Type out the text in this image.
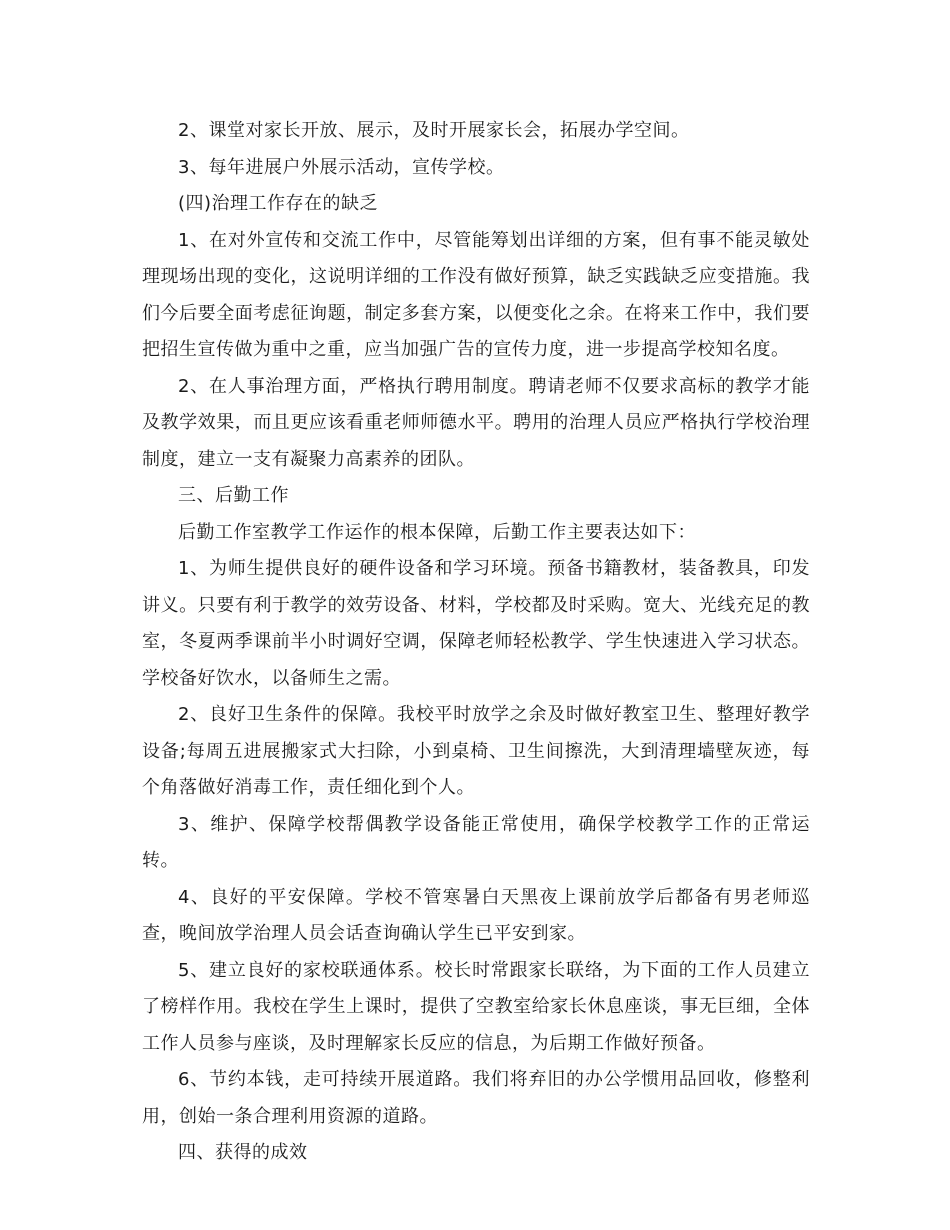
2、课堂对家长开放、展示，及时开展家长会，拓展办学空间。

3、每年进展户外展示活动，宣传学校。

(四)治理工作存在的缺乏

1、在对外宣传和交流工作中，尽管能筹划出详细的方案，但有事不能灵敏处理现场出现的变化，这说明详细的工作没有做好预算，缺乏实践缺乏应变措施。我们今后要全面考虑征询题，制定多套方案，以便变化之余。在将来工作中，我们要把招生宣传做为重中之重，应当加强广告的宣传力度，进一步提高学校知名度。

2、在人事治理方面，严格执行聘用制度。聘请老师不仅要求高标的教学才能及教学效果，而且更应该看重老师师德水平。聘用的治理人员应严格执行学校治理制度，建立一支有凝聚力高素养的团队。

三、后勤工作

后勤工作室教学工作运作的根本保障，后勤工作主要表达如下：

1、为师生提供良好的硬件设备和学习环境。预备书籍教材，装备教具，印发讲义。只要有利于教学的效劳设备、材料，学校都及时采购。宽大、光线充足的教室，冬夏两季课前半小时调好空调，保障老师轻松教学、学生快速进入学习状态。学校备好饮水，以备师生之需。

2、良好卫生条件的保障。我校平时放学之余及时做好教室卫生、整理好教学设备;每周五进展搬家式大扫除，小到桌椅、卫生间擦洗，大到清理墙壁灰迹，每个角落做好消毒工作，责任细化到个人。

3、维护、保障学校帮偶教学设备能正常使用，确保学校教学工作的正常运转。

4、良好的平安保障。学校不管寒暑白天黑夜上课前放学后都备有男老师巡查，晚间放学治理人员会话查询确认学生已平安到家。

5、建立良好的家校联通体系。校长时常跟家长联络，为下面的工作人员建立了榜样作用。我校在学生上课时，提供了空教室给家长休息座谈，事无巨细，全体工作人员参与座谈，及时理解家长反应的信息，为后期工作做好预备。

6、节约本钱，走可持续开展道路。我们将弃旧的办公学惯用品回收，修整利用，创始一条合理利用资源的道路。

四、获得的成效
